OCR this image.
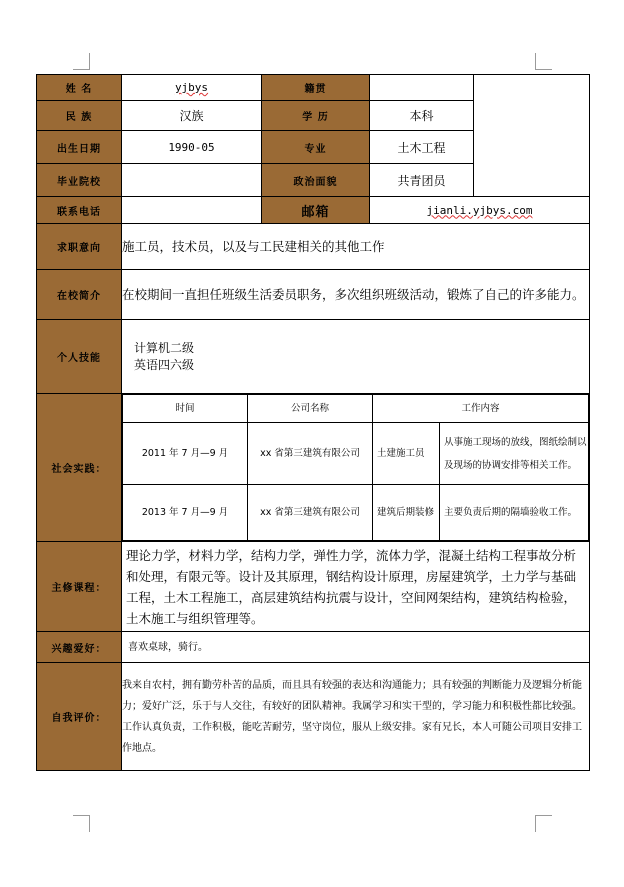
姓 名	yjbys	籍贯		
民 族	汉族	学 历	本科
出生日期	1990-05	专业	土木工程
毕业院校		政治面貌	共青团员
联系电话		邮箱	jianli.yjbys.com
求职意向	施工员，技术员，以及与工民建相关的其他工作
在校简介	在校期间一直担任班级生活委员职务，多次组织班级活动，锻炼了自己的许多能力。
个人技能	
计算机二级
英语四六级

社会实践：	
时间	公司名称	工作内容
2011 年 7 月—9 月	xx 省第三建筑有限公司	土建施工员	从事施工现场的放线，图纸绘制以及现场的协调安排等相关工作。
2013 年 7 月—9 月	xx 省第三建筑有限公司	建筑后期装修	主要负责后期的隔墙验收工作。

主修课程：	理论力学，材料力学，结构力学，弹性力学，流体力学，混凝土结构工程事故分析和处理，有限元等。设计及其原理，钢结构设计原理，房屋建筑学，土力学与基础工程，土木工程施工，高层建筑结构抗震与设计，空间网架结构，建筑结构检验，土木施工与组织管理等。
兴趣爱好：	喜欢桌球，骑行。
自我评价：	我来自农村，拥有勤劳朴苦的品质，而且具有较强的表达和沟通能力；具有较强的判断能力及逻辑分析能力；爱好广泛，乐于与人交往，有较好的团队精神。我属学习和实干型的，学习能力和积极性都比较强。工作认真负责，工作积极，能吃苦耐劳，坚守岗位，服从上级安排。家有兄长，本人可随公司项目安排工作地点。
